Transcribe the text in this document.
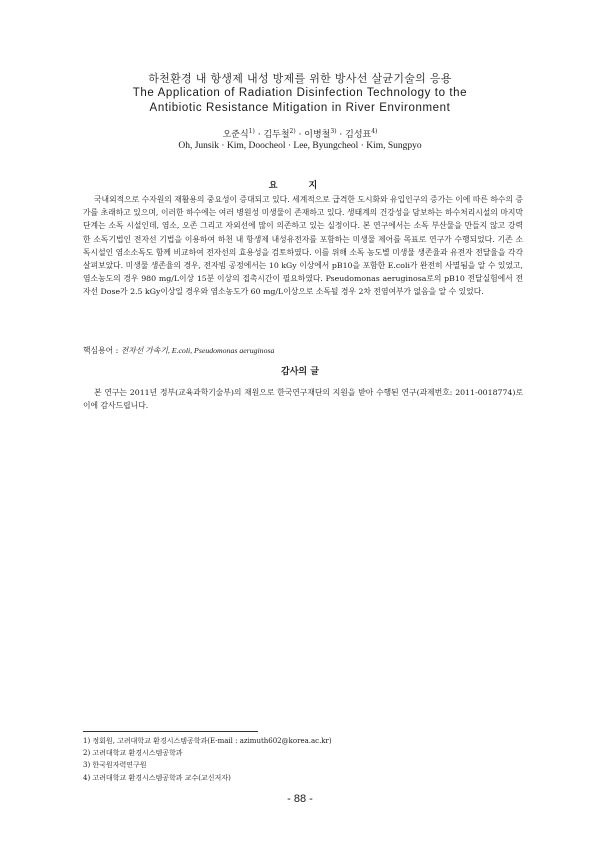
하천환경 내 항생제 내성 방제를 위한 방사선 살균기술의 응용
The Application of Radiation Disinfection Technology to the
Antibiotic Resistance Mitigation in River Environment
오준식$^{1)}$ · 김두철$^{2)}$ · 이병철$^{3)}$ · 김성표$^{4)}$
Oh, Junsik · Kim, Doocheol · Lee, Byungcheol · Kim, Sungpyo
요 지

국내외적으로 수자원의 재활용의 중요성이 증대되고 있다. 세계적으로 급격한 도시화와 유입인구의 증가는 이에 따른 하수의 증가를 초래하고 있으며, 이러한 하수에는 여러 병원성 미생물이 존재하고 있다. 생태계의 건강성을 담보하는 하수처리시설의 마지막 단계는 소독 시설인데, 염소, 오존 그리고 자외선에 많이 의존하고 있는 실정이다. 본 연구에서는 소독 부산물을 만들지 않고 강력한 소독기법인 전자선 기법을 이용하여 하천 내 항생제 내성유전자를 포함하는 미생물 제어를 목표로 연구가 수행되었다. 기존 소독시설인 염소소독도 함께 비교하여 전자선의 효용성을 검토하였다. 이를 위해 소독 농도별 미생물 생존율과 유전자 전달율을 각각 살펴보았다. 미생물 생존율의 경우, 전자빔 공정에서는 10 kGy 이상에서 pB10을 포함한 E.coli가 완전히 사멸됨을 알 수 있었고, 염소농도의 경우 980 mg/L이상 15분 이상의 접촉시간이 필요하였다. Pseudomonas aeruginosa로의 pB10 전달실험에서 전자선 Dose가 2.5 kGy이상일 경우와 염소농도가 60 mg/L이상으로 소독될 경우 2차 전염여부가 없음을 알 수 있었다.

핵심용어 : 전자선 가속기, E.coli, Pseudomonas aeruginosa
감사의 글

본 연구는 2011년 정부(교육과학기술부)의 재원으로 한국연구재단의 지원을 받아 수행된 연구(과제번호: 2011-0018774)로 이에 감사드립니다.

1) 정회원, 고려대학교 환경시스템공학과(E-mail : azimuth602@korea.ac.kr)
2) 고려대학교 환경시스템공학과
3) 한국원자력연구원
4) 고려대학교 환경시스템공학과 교수(교신저자)
- 88 -
